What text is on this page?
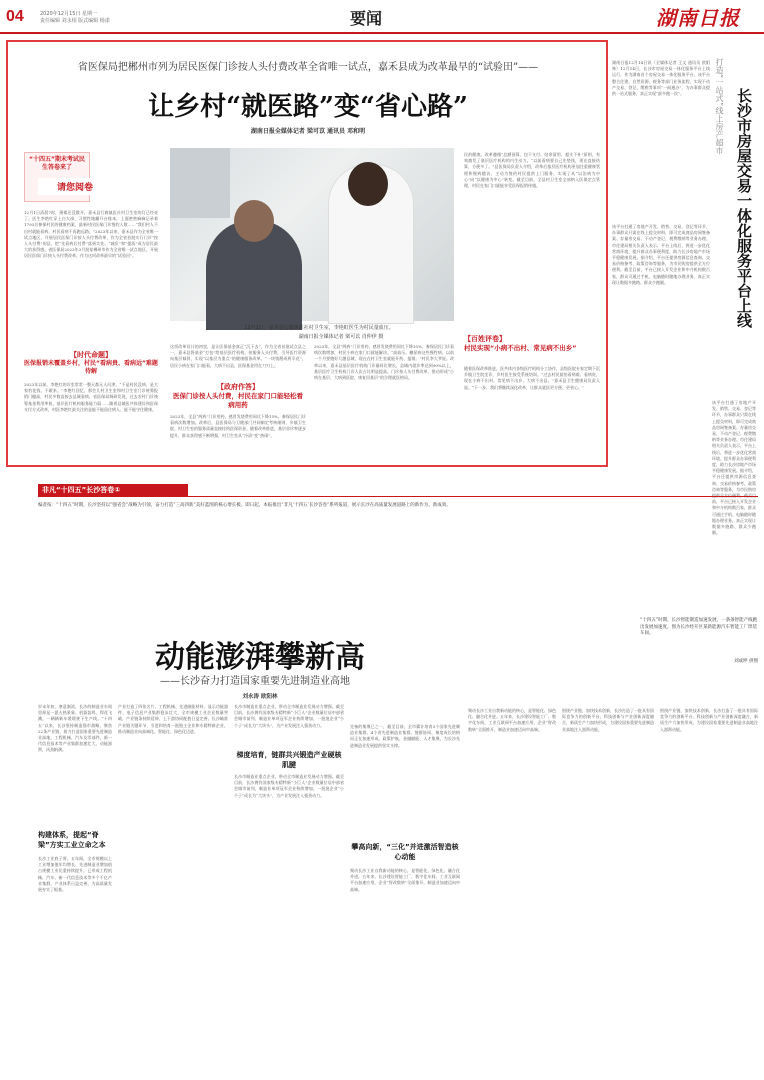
04	2020年12月15日 星期一
责任编辑 刘永相 版式编辑 杨漾	要闻	湖南日报
省医保局把郴州市列为居民医保门诊按人头付费改革全省唯一试点，嘉禾县成为改革最早的“试验田”——
让乡村“就医路”变“省心路”
湖南日报全媒体记者 梁可苡 通讯员 邓和明
“十四五”期末考试民生答卷来了
请您阅卷
12月1日清晨7时，薄雾还没散开，嘉禾县行廊镇医社村卫生室的灯已经亮了。医生李艳红穿上白大褂，习惯性地翻开台账本，上面密密麻麻记录着1793名参保村民的健康档案，最新村民医保门诊签约人数……“我们村人不出村就能看病，村民看病不再跑远路。”2023年以来，嘉禾县作为全省唯一试点地区，开展居民医保门诊按人头付费改革，作为全省首批实行门诊“按人头付费”的县，把“先看病后付费”落到实处。“减负”和“提质”成为居民最大的获得感。省医保局2023年3月批复郴州市作为全省唯一试点地区，开展居民医保门诊按人头付费改革，作为这项改革最早的“试验田”。
【时代命题】
医保报销未覆盖乡村，村民“看病贵、看病远”难题待解
2023年以前，李艳红的诊室常常一整天都无人问津。“不是村民没病，是大家怕花钱、不敢来。”李艳红回忆，那会儿村卫生室和村卫生室门诊统筹报销门槛高，村民多数直接去县城看病。省医保局调研发现，过去农村门诊统筹基金利用率低，基层医疗机构服务能力弱……随着县域医共体建设和医保支付方式改革，村医李艳红最关注的是能不能留住病人、能不能守住健康。
12月1日，嘉禾县行廊镇医社村卫生室，李艳虹医生为村民量血压。
湖南日报全媒体记者 梁可苡 肖仲伊 摄
这项改革设计的初衷，是让医保基金真正“沉下去”，作为全省首批试点县之一，嘉禾县将基金“打包”给基层医疗机构，按服务人头付费，引导医疗资源向基层倾斜，实现“以基层为重点”的健康服务改革。“一块钱掰成两半花”，居民小病在家门口能看，大病不出县，医保基金用在刀刃上。
【政府作答】
医保门诊按人头付费，村民在家门口能轻松看病用药
2023年，全县“两病”门诊用药，感冒发烧费用同比下降15%，参保居民门诊看病次数增加。改革后，县医保局与卫健部门共同制定考核细则，乡镇卫生院、村卫生室的服务质量直接挂钩医保资金。随着改革推进，基层首诊率逐步提升，群众获得感不断增强，村卫生室从“冷清”变“热闹”。
2023年，全县“两病”门诊用药，感冒发烧费用同比下降15%，参保居民门诊看病次数增加，村民小病在家门口就能解决。“高血压、糖尿病这些慢性病，以前一个月要跑好几趟县城，现在在村卫生室就能开药、报销。”村民李大爷说。改革以来，嘉禾县基层医疗机构门诊量同比增长，县域内就诊率达到90%以上，基层医疗卫生机构门诊人次占比明显提高。门诊按人头付费改革，推动形成“小病在基层、大病到医院、康复回基层”的合理就医格局。
民的健康。改革遵循“总额预算、包干支付、结余留用、超支不补”原则，有效激发了基层医疗机构的内生动力。“以前看病要自己先垫钱，现在直接结算，方便多了。”县医保局负责人介绍，改革后基层医疗机构更加注重健康管理和慢病随访，主动为签约村民提供上门服务，实现了从“以治病为中心”向“以健康为中心”转变。截至目前，全县村卫生室全部纳入医保定点管理，村民在家门口就能享受医保报销待遇。
【百姓评卷】
村民实现“小病不出村、常见病不出乡”
随着医保改革推进，医共体内各级医疗机构分工协作，县级医院专家定期下沉乡镇卫生院坐诊，乡村医生接受系统培训。“过去村民最怕看病难、看病贵，现在小病不出村、常见病不出乡，大病不出县。”嘉禾县卫生健康局负责人说。“下一步，我们将继续深化改革，让群众就医更方便、更省心。”
湖南日报12月14日讯（全媒体记者 王文 通讯员 欧阳林）12月14日，长沙市房屋交易一体化服务平台上线运行，作为湖南首个房屋交易一体化服务平台，该平台整合住建、自然资源、税务等部门业务流程，实现不动产交易、登记、缴税等事项“一网通办”，为办事群众提供一站式服务，真正实现“最多跑一次”。	打造“一站式”线上房产超市 长沙市房屋交易一体化服务平台上线
该平台打通了房地产开发、销售、交易、登记等环节，办事群众只需在线上提交材料，即可完成商品房网签备案、存量房交易、不动产登记、税费缴纳等业务办理。市住建局相关负责人表示，平台上线后，将进一步优化营商环境，提升群众办事便利度，助力长沙房地产市场平稳健康发展。据介绍，平台还提供房源信息查询、交易价格参考、政策咨询等服务，为市民购房提供全方位便利。截至目前，平台已接入开发企业和中介机构数百家，群众可通过手机、电脑随时随地办理业务，真正实现让数据多跑路、群众少跑腿。
该平台打通了房地产开发、销售、交易、登记等环节，办事群众只需在线上提交材料，即可完成商品房网签备案、存量房交易、不动产登记、税费缴纳等业务办理。市住建局相关负责人表示，平台上线后，将进一步优化营商环境，提升群众办事便利度，助力长沙房地产市场平稳健康发展。据介绍，平台还提供房源信息查询、交易价格参考、政策咨询等服务，为市民购房 前，平台已接入开发企业和中介机构数百家，群众可通过手机、电脑随时随地办理业务，真正实现让数据多跑路、群众少跑腿。
非凡“十四五”长沙答卷①
编者按：“十四五”时期，长沙坚持以“强省会”战略为引领，奋力打造“三高四新”美好蓝图的核心增长极。即日起，本报推出“非凡‘十四五’长沙答卷”系列报道，展示长沙在高质量发展道路上的新作为、新成效。
动能澎湃攀新高
——长沙奋力打造国家重要先进制造业高地
刘永涛 欧阳林
“十四五”时期，长沙智能制造加速发展，一条条智能产线跑出发展加速度。图为长沙经开区某新能源汽车智能工厂焊装车间。
刘成坤 供图
岁末年初，寒意渐浓，长沙的制造业车间里却是一派火热景象。机器轰鸣、焊花飞溅，一辆辆新车缓缓驶下生产线。“十四五”以来，长沙坚持制造强市战略，聚焦22条产业链，着力打造国家重要先进制造业高地，工程机械、汽车及零部件、新一代信息技术等产业集群加速壮大，动能澎湃，风劲帆满。
构建体系，提起“脊梁”方实工业立命之本
长沙工业底子厚。五年间，全市规模以上工业增加值年均增长，先进制造业增加值占规模工业比重持续提升，已形成工程机械、汽车、新一代信息技术等多个千亿产业集群，产业体系日益完善，为高质量发展夯实了根基。
产业打造了四张名片，工程机械、先进储能材料、显示功能器件、电子信息产业集群稳步壮大，全市规模工业企业数量突破，产业链条持续延伸，上下游协同配套日益完善。长沙瞄准产业链关键环节，引进和培育一批链主企业和专精特新企业，推动制造业向高端化、智能化、绿色化迈进。
长沙市制造业重点企业，带动全市制造业发展动力增强。截至目前，长沙拥有国家级专精特新“小巨人”企业数量位居中部省会城市前列，制造业单项冠军企业持续增加。一批批企业“小个子”成长为“大块头”，为产业发展注入强劲动力。
梯度培育，链群共兴锻造产业硬核肌腱
长沙市制造业重点企业，带动全市制造业发展动力增强。截至目前，长沙拥有国家级专精特新“小巨人”企业数量位居中部省会城市前列，制造业单项冠军企业持续增加。一批批企业“小个子”成长为“大块头”，为产业发展注入强劲动力。
完备的集聚已之一，截至目前，全市累计培育3个国家先进制造业集群，4个省先进制造业集群。链群协同、梯度成长的格局正在加速形成。政策护航、金融赋能、人才集聚，为长沙先进制造业发展提供坚实支撑。
攀高向新，“三化”并进激活智造核心动能
聚动长沙工业自我新动能的核心，是智能化、绿色化、融合化并进。五年来，长沙建设智能工厂、数字化车间，工业互联网平台加速应用，企业“智改数转”全面推开，制造业加速迈向中高端。
聚动长沙工业自我新动能的核心，是智能化、绿色化、融合化并进。五年来，长沙建设智能工厂、数字化车间，工业互联网平台加速应用，企业“智改数转”全面推开，制造业加速迈向中高端。
围绕产业链，加快技术创新，长沙打造了一批具有国际竞争力的创新平台，科技创新与产业创新深度融合，新质生产力加快形成，为建设国家重要先进制造业高地注入澎湃动能。
围绕产业链，加快技术创新，长沙打造了一批具有国际竞争力的创新平台，科技创新与产业创新深度融合，新质生产力加快形成，为建设国家重要先进制造业高地注入澎湃动能。
